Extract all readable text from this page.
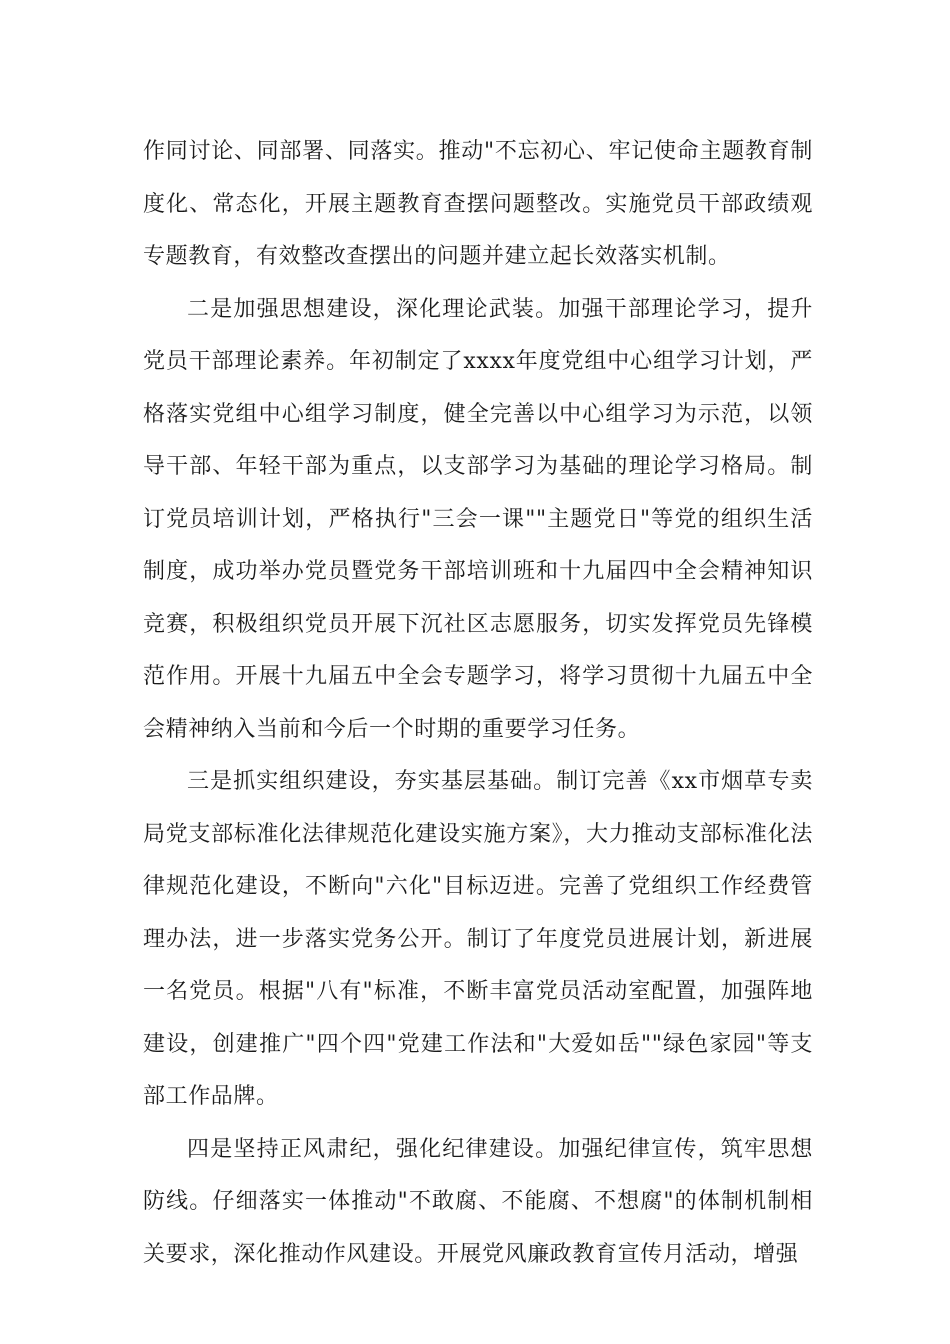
作同讨论、同部署、同落实。推动"不忘初心、牢记使命主题教育制度化、常态化，开展主题教育查摆问题整改。实施党员干部政绩观专题教育，有效整改查摆出的问题并建立起长效落实机制。

二是加强思想建设，深化理论武装。加强干部理论学习，提升党员干部理论素养。年初制定了xxxx年度党组中心组学习计划，严格落实党组中心组学习制度，健全完善以中心组学习为示范，以领导干部、年轻干部为重点，以支部学习为基础的理论学习格局。制订党员培训计划，严格执行"三会一课""主题党日"等党的组织生活制度，成功举办党员暨党务干部培训班和十九届四中全会精神知识竞赛，积极组织党员开展下沉社区志愿服务，切实发挥党员先锋模范作用。开展十九届五中全会专题学习，将学习贯彻十九届五中全会精神纳入当前和今后一个时期的重要学习任务。

三是抓实组织建设，夯实基层基础。制订完善《xx市烟草专卖局党支部标准化法律规范化建设实施方案》，大力推动支部标准化法律规范化建设，不断向"六化"目标迈进。完善了党组织工作经费管理办法，进一步落实党务公开。制订了年度党员进展计划，新进展一名党员。根据"八有"标准，不断丰富党员活动室配置，加强阵地建设，创建推广"四个四"党建工作法和"大爱如岳""绿色家园"等支部工作品牌。

四是坚持正风肃纪，强化纪律建设。加强纪律宣传，筑牢思想防线。仔细落实一体推动"不敢腐、不能腐、不想腐"的体制机制相关要求，深化推动作风建设。开展党风廉政教育宣传月活动，增强
